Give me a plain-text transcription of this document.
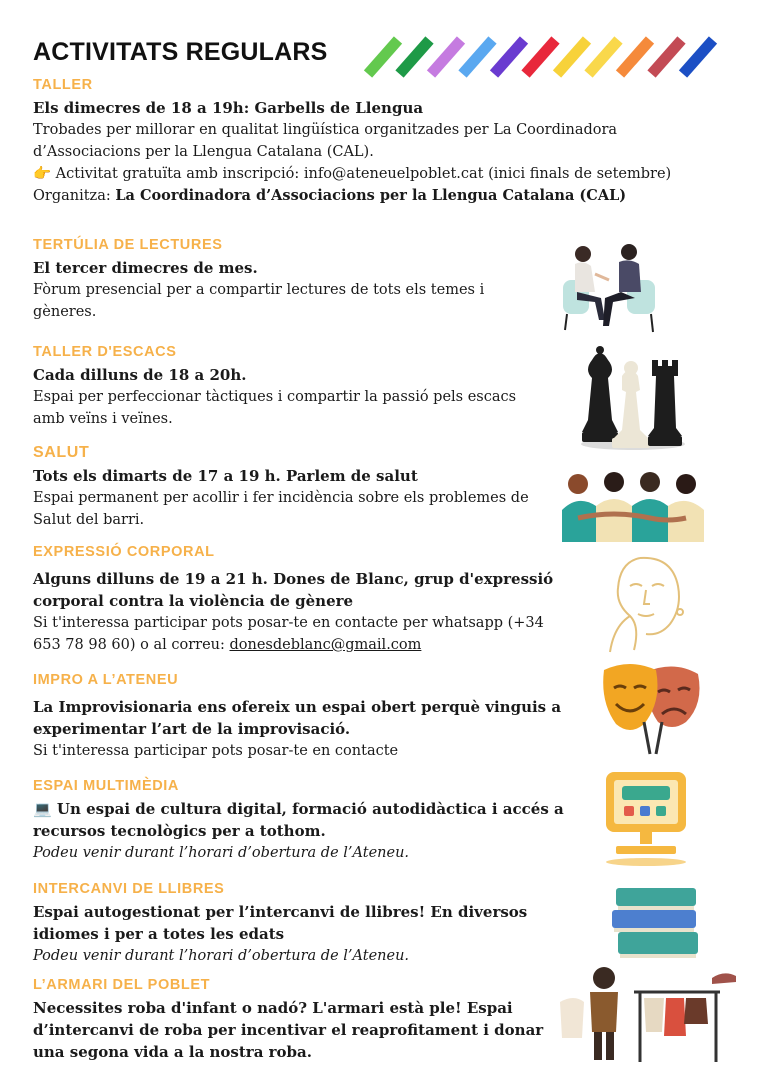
ACTIVITATS REGULARS
TALLER
Els dimecres de 18 a 19h: Garbells de Llengua
Trobades per millorar en qualitat lingüística organitzades per La Coordinadora d’Associacions per la Llengua Catalana (CAL).
👉 Activitat gratuïta amb inscripció: info@ateneuelpoblet.cat (inici finals de setembre)
Organitza: La Coordinadora d’Associacions per la Llengua Catalana (CAL)
TERTÚLIA DE LECTURES
El tercer dimecres de mes.
Fòrum presencial per a compartir lectures de tots els temes i gèneres.
TALLER D'ESCACS
Cada dilluns de 18 a 20h.
Espai per perfeccionar tàctiques i compartir la passió pels escacs amb veïns i veïnes.
SALUT
Tots els dimarts de 17 a 19 h. Parlem de salut
Espai permanent per acollir i fer incidència sobre els problemes de Salut del barri.
EXPRESSIÓ CORPORAL
Alguns dilluns de 19 a 21 h. Dones de Blanc, grup d'expressió corporal contra la violència de gènere
Si t'interessa participar pots posar-te en contacte per whatsapp (+34 653 78 98 60) o al correu: donesdeblanc@gmail.com
IMPRO A L’ATENEU
La Improvisionaria ens ofereix un espai obert perquè vinguis a experimentar l’art de la improvisació.
Si t'interessa participar pots posar-te en contacte
ESPAI MULTIMÈDIA
💻 Un espai de cultura digital, formació autodidàctica i accés a recursos tecnològics per a tothom.
Podeu venir durant l’horari d’obertura de l’Ateneu.
INTERCANVI DE LLIBRES
Espai autogestionat per l’intercanvi de llibres! En diversos idiomes i per a totes les edats
Podeu venir durant l’horari d’obertura de l’Ateneu.
L’ARMARI DEL POBLET
Necessites roba d'infant o nadó? L'armari està ple! Espai d’intercanvi de roba per incentivar el reaprofitament i donar una segona vida a la nostra roba.
